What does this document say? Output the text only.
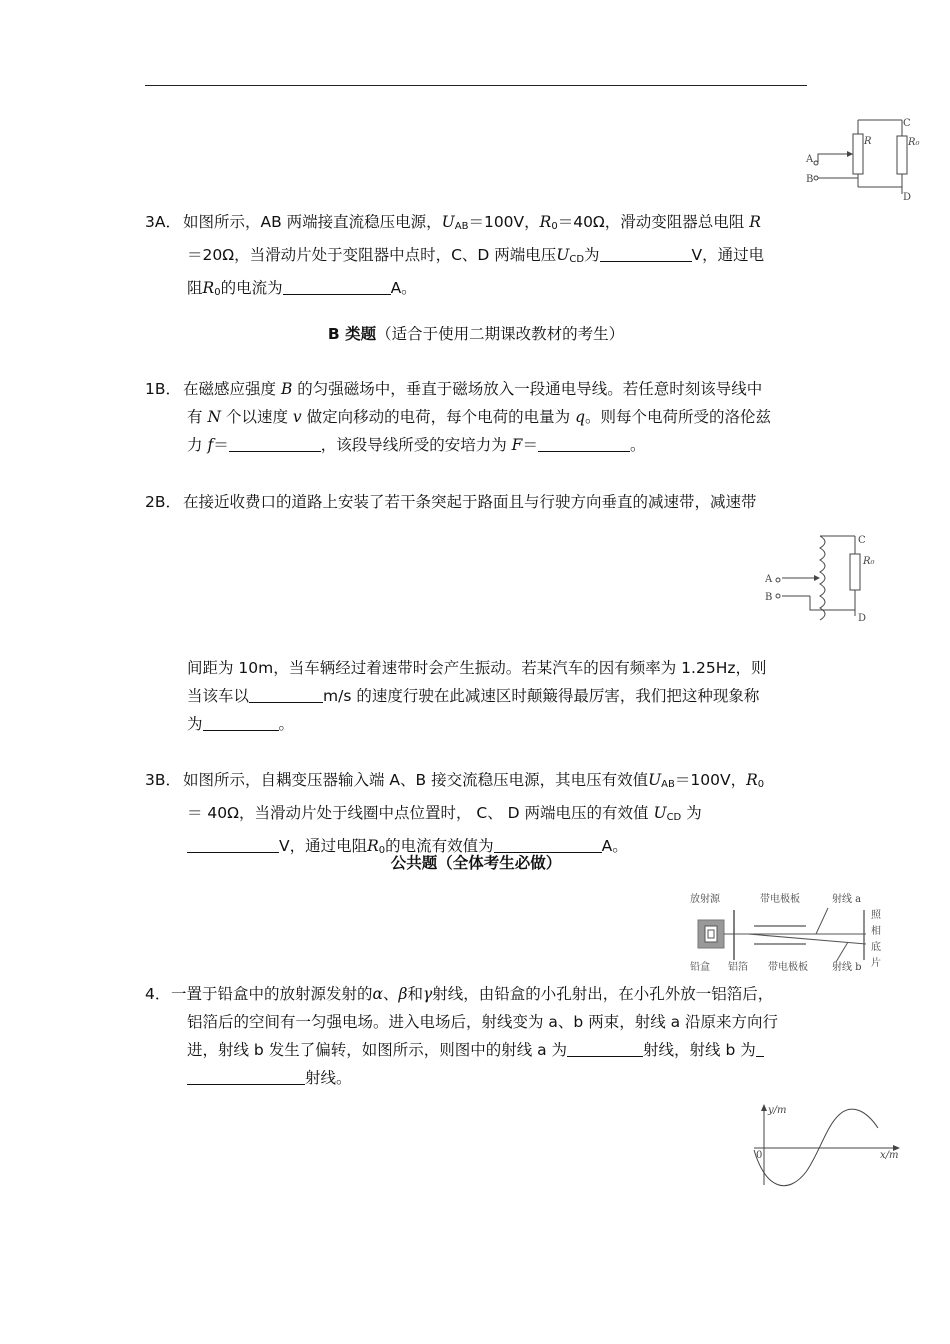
C
D
A
B
R	R₀
3A． 如图所示，AB 两端接直流稳压电源，$U_{AB}=100V$，$R_0=40\Omega$，滑动变阻器总电阻 R
＝20Ω，当滑动片处于变阻器中点时，C、D 两端电压$U_{CD}$为	V，通过电
阻$R_0$的电流为	A。
B 类题（适合于使用二期课改教材的考生）
1B． 在磁感应强度 B 的匀强磁场中，垂直于磁场放入一段通电导线。若任意时刻该导线中
有 N 个以速度 v 做定向移动的电荷，每个电荷的电量为 q。则每个电荷所受的洛伦兹
力 f＝	，该段导线所受的安培力为 F＝	。
2B． 在接近收费口的道路上安装了若干条突起于路面且与行驶方向垂直的减速带，减速带
C
D
A
B
R₀
间距为 10m，当车辆经过着速带时会产生振动。若某汽车的因有频率为 1.25Hz，则
当该车以	m/s 的速度行驶在此减速区时颠簸得最厉害，我们把这种现象称
为	。
3B． 如图所示，自耦变压器输入端 A、B 接交流稳压电源，其电压有效值$U_{AB}=100V$，$R_0$
＝ 40Ω，当滑动片处于线圈中点位置时， C、 D 两端电压的有效值 $U_{CD}$ 为
V，通过电阻$R_0$的电流有效值为	A。
公共题（全体考生必做）
放射源	带电极板	射线 a
照
相
底
片
铅盒 铝箔 带电极板 射线 b
4． 一置于铅盒中的放射源发射的α、β和γ射线，由铅盒的小孔射出，在小孔外放一铝箔后，
铝箔后的空间有一匀强电场。进入电场后，射线变为 a、b 两束，射线 a 沿原来方向行
进，射线 b 发生了偏转，如图所示，则图中的射线 a 为	射线，射线 b 为
射线。
y/m
x/m
0
